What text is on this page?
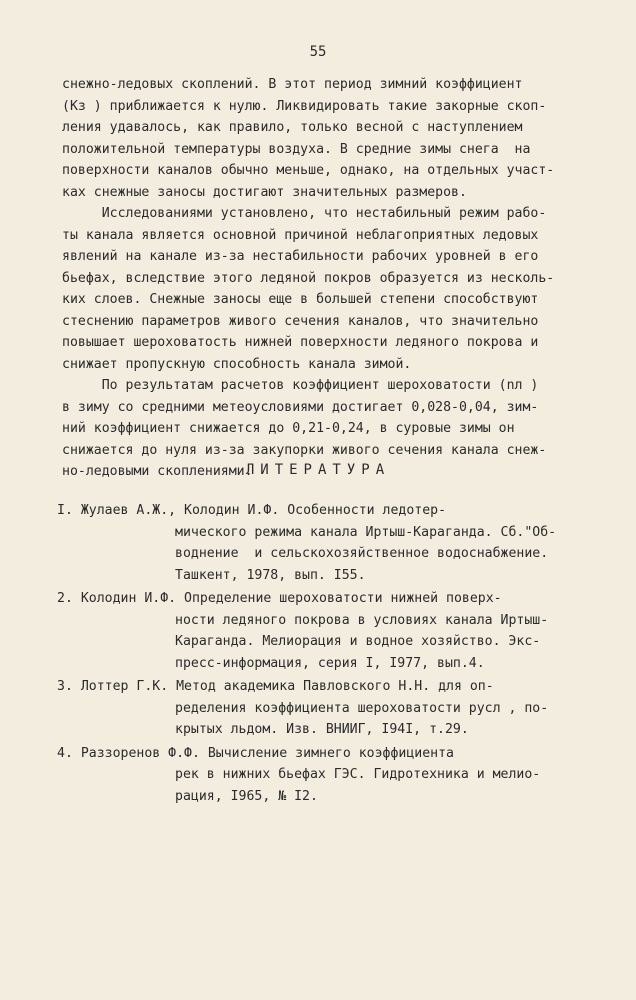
55
снежно-ледовых скоплений. В этот период зимний коэффициент
(Кз ) приближается к нулю. Ликвидировать такие закорные скоп-
ления удавалось, как правило, только весной с наступлением
положительной температуры воздуха. В средние зимы снега  на
поверхности каналов обычно меньше, однако, на отдельных участ-
ках снежные заносы достигают значительных размеров.
Исследованиями установлено, что нестабильный режим рабо-
ты канала является основной причиной неблагоприятных ледовых
явлений на канале из-за нестабильности рабочих уровней в его
бьефах, вследствие этого ледяной покров образуется из несколь-
ких слоев. Снежные заносы еще в большей степени способствуют
стеснению параметров живого сечения каналов, что значительно
повышает шероховатость нижней поверхности ледяного покрова и
снижает пропускную способность канала зимой.
По результатам расчетов коэффициент шероховатости (nл )
в зиму со средними метеоусловиями достигает 0,028-0,04, зим-
ний коэффициент снижается до 0,21-0,24, в суровые зимы он
снижается до нуля из-за закупорки живого сечения канала снеж-
но-ледовыми скоплениями.
ЛИТЕРАТУРА
I. Жулаев А.Ж., Колодин И.Ф. Особенности ледотер-
мического режима канала Иртыш-Караганда. Сб."Об-
воднение  и сельскохозяйственное водоснабжение.
Ташкент, 1978, вып. I55.
2. Колодин И.Ф. Определение шероховатости нижней поверх-
ности ледяного покрова в условиях канала Иртыш-
Караганда. Мелиорация и водное хозяйство. Экс-
пресс-информация, серия I, I977, вып.4.
3. Лоттер Г.К. Метод академика Павловского Н.Н. для оп-
ределения коэффициента шероховатости русл , по-
крытых льдом. Изв. ВНИИГ, I94I, т.29.
4. Раззоренов Ф.Ф. Вычисление зимнего коэффициента
рек в нижних бьефах ГЭС. Гидротехника и мелио-
рация, I965, № I2.
